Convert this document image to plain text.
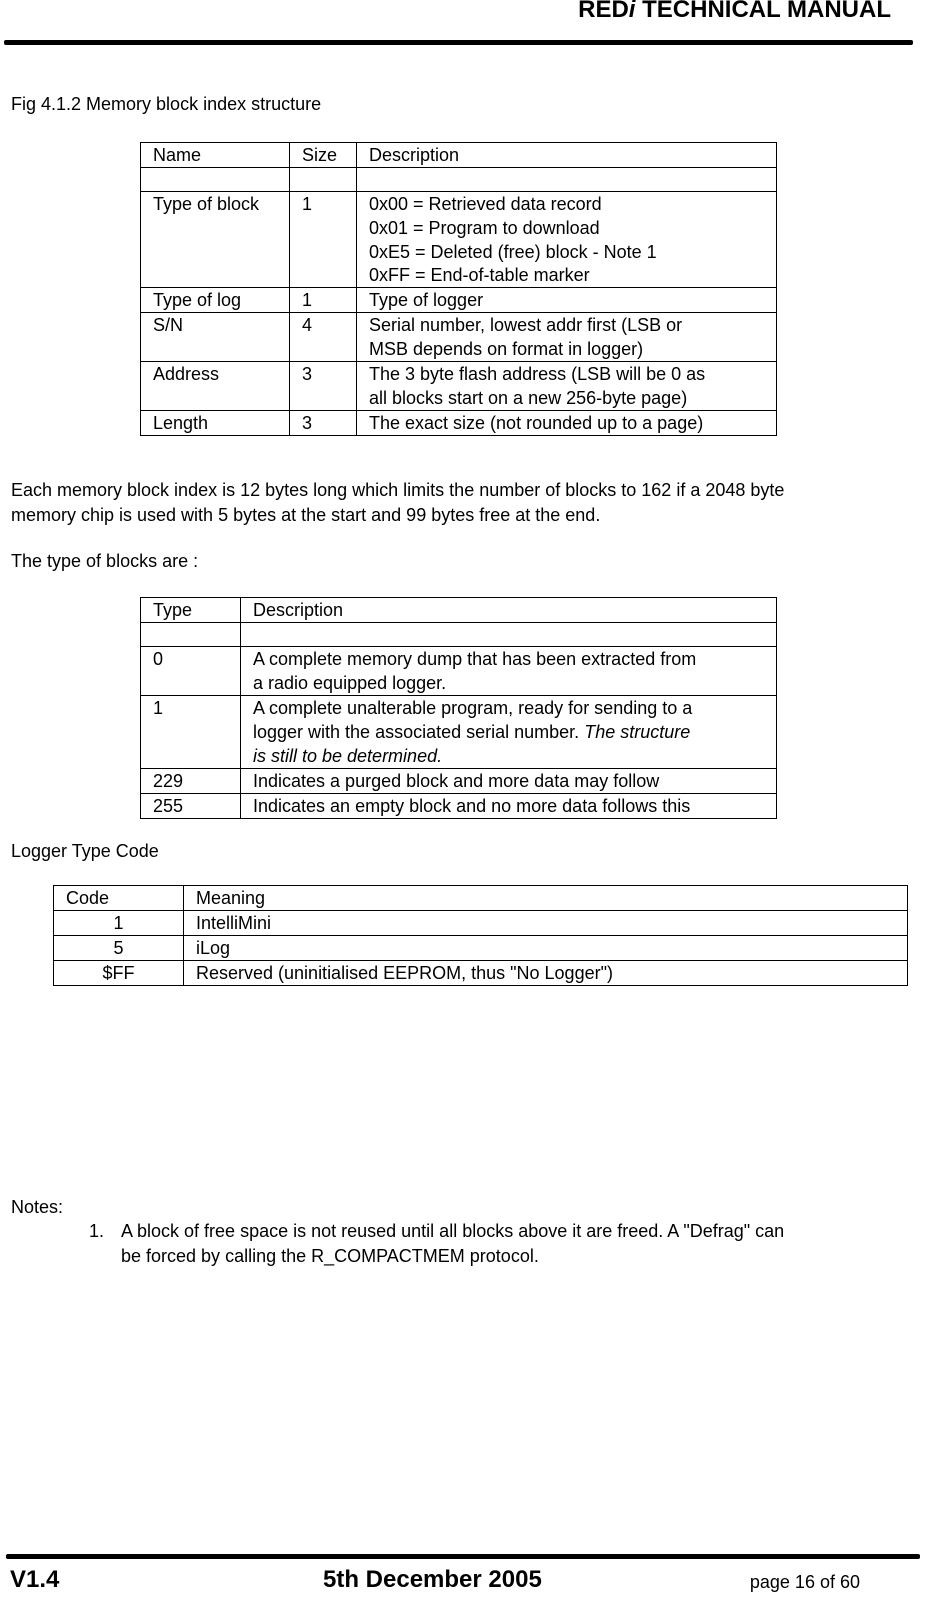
REDi TECHNICAL MANUAL
Fig 4.1.2 Memory block index structure
Name	Size	Description

Type of block	1	0x00 = Retrieved data record
0x01 = Program to download
0xE5 = Deleted (free) block - Note 1
0xFF = End-of-table marker

Type of log	1	Type of logger

S/N	4	Serial number, lowest addr first (LSB or
MSB depends on format in logger)

Address	3	The 3 byte flash address (LSB will be 0 as
all blocks start on a new 256-byte page)

Length	3	The exact size (not rounded up to a page)
Each memory block index is 12 bytes long which limits the number of blocks to 162 if a 2048 byte
memory chip is used with 5 bytes at the start and 99 bytes free at the end.
The type of blocks are :
Type	Description

0	A complete memory dump that has been extracted from
a radio equipped logger.

1	A complete unalterable program, ready for sending to a
logger with the associated serial number. The structure
is still to be determined.

229	Indicates a purged block and more data may follow

255	Indicates an empty block and no more data follows this
Logger Type Code
Code	Meaning
1	IntelliMini
5	iLog
$FF	Reserved (uninitialised EEPROM, thus "No Logger")
Notes:
1. A block of free space is not reused until all blocks above it are freed. A "Defrag" can
be forced by calling the R_COMPACTMEM protocol.
V1.4	5th December 2005	page 16 of 60
